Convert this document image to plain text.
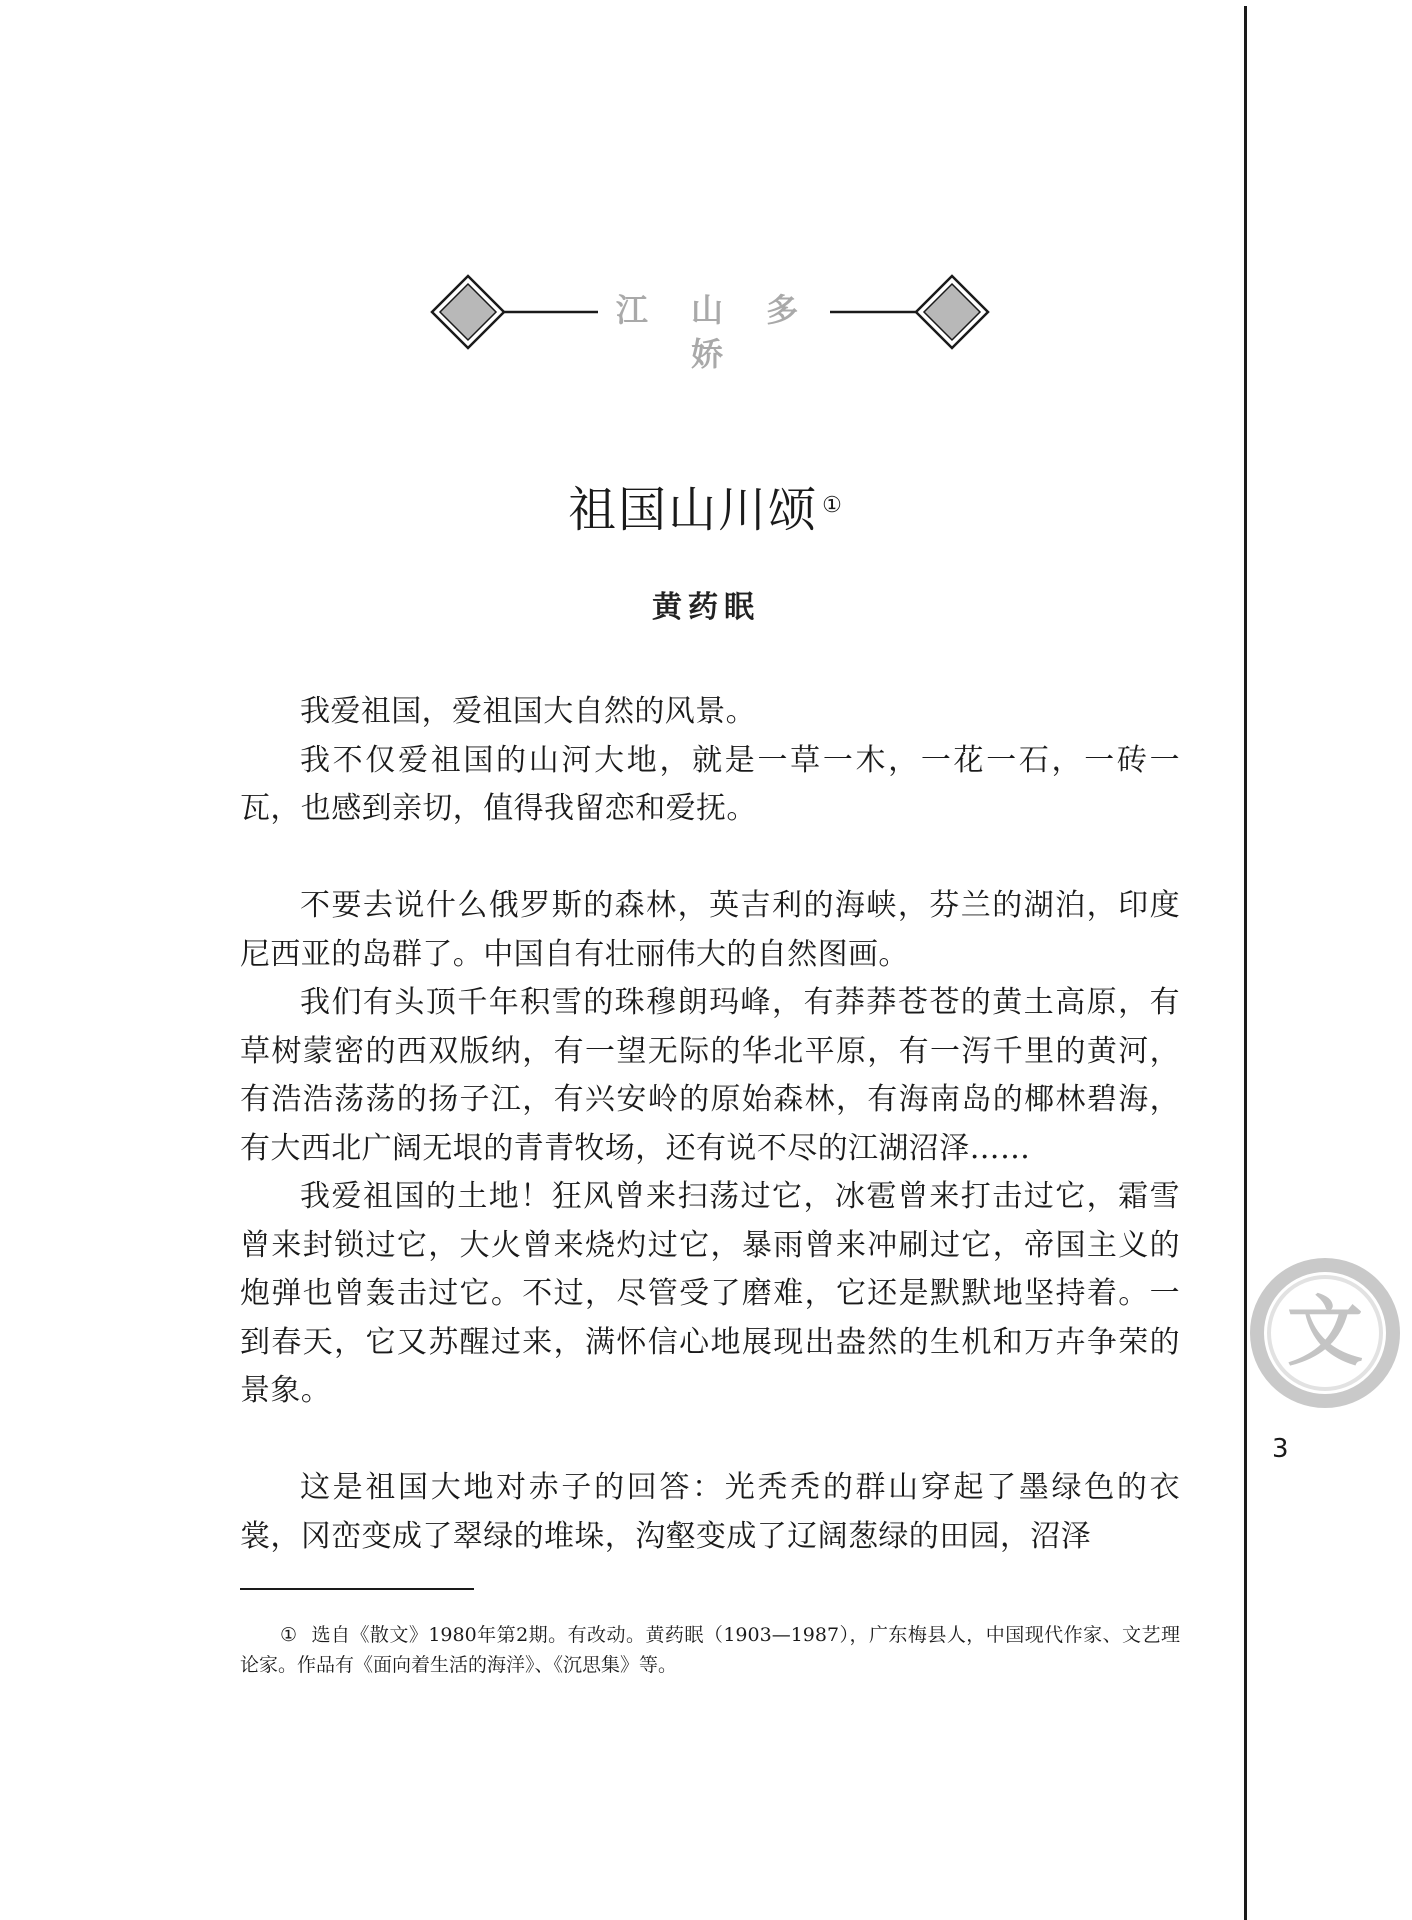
江 山 多 娇
祖国山川颂 ①
黄药眠

我爱祖国，爱祖国大自然的风景。

我不仅爱祖国的山河大地，就是一草一木，一花一石，一砖一瓦，也感到亲切，值得我留恋和爱抚。

不要去说什么俄罗斯的森林，英吉利的海峡，芬兰的湖泊，印度尼西亚的岛群了。中国自有壮丽伟大的自然图画。

我们有头顶千年积雪的珠穆朗玛峰，有莽莽苍苍的黄土高原，有草树蒙密的西双版纳，有一望无际的华北平原，有一泻千里的黄河，有浩浩荡荡的扬子江，有兴安岭的原始森林，有海南岛的椰林碧海，有大西北广阔无垠的青青牧场，还有说不尽的江湖沼泽……

我爱祖国的土地！狂风曾来扫荡过它，冰雹曾来打击过它，霜雪曾来封锁过它，大火曾来烧灼过它，暴雨曾来冲刷过它，帝国主义的炮弹也曾轰击过它。不过，尽管受了磨难，它还是默默地坚持着。一到春天，它又苏醒过来，满怀信心地展现出盎然的生机和万卉争荣的景象。

这是祖国大地对赤子的回答：光秃秃的群山穿起了墨绿色的衣裳，冈峦变成了翠绿的堆垛，沟壑变成了辽阔葱绿的田园，沼泽

① 选自《散文》1980年第2期。有改动。黄药眠（1903—1987），广东梅县人，中国现代作家、文艺理论家。作品有《面向着生活的海洋》、《沉思集》等。
文
3
